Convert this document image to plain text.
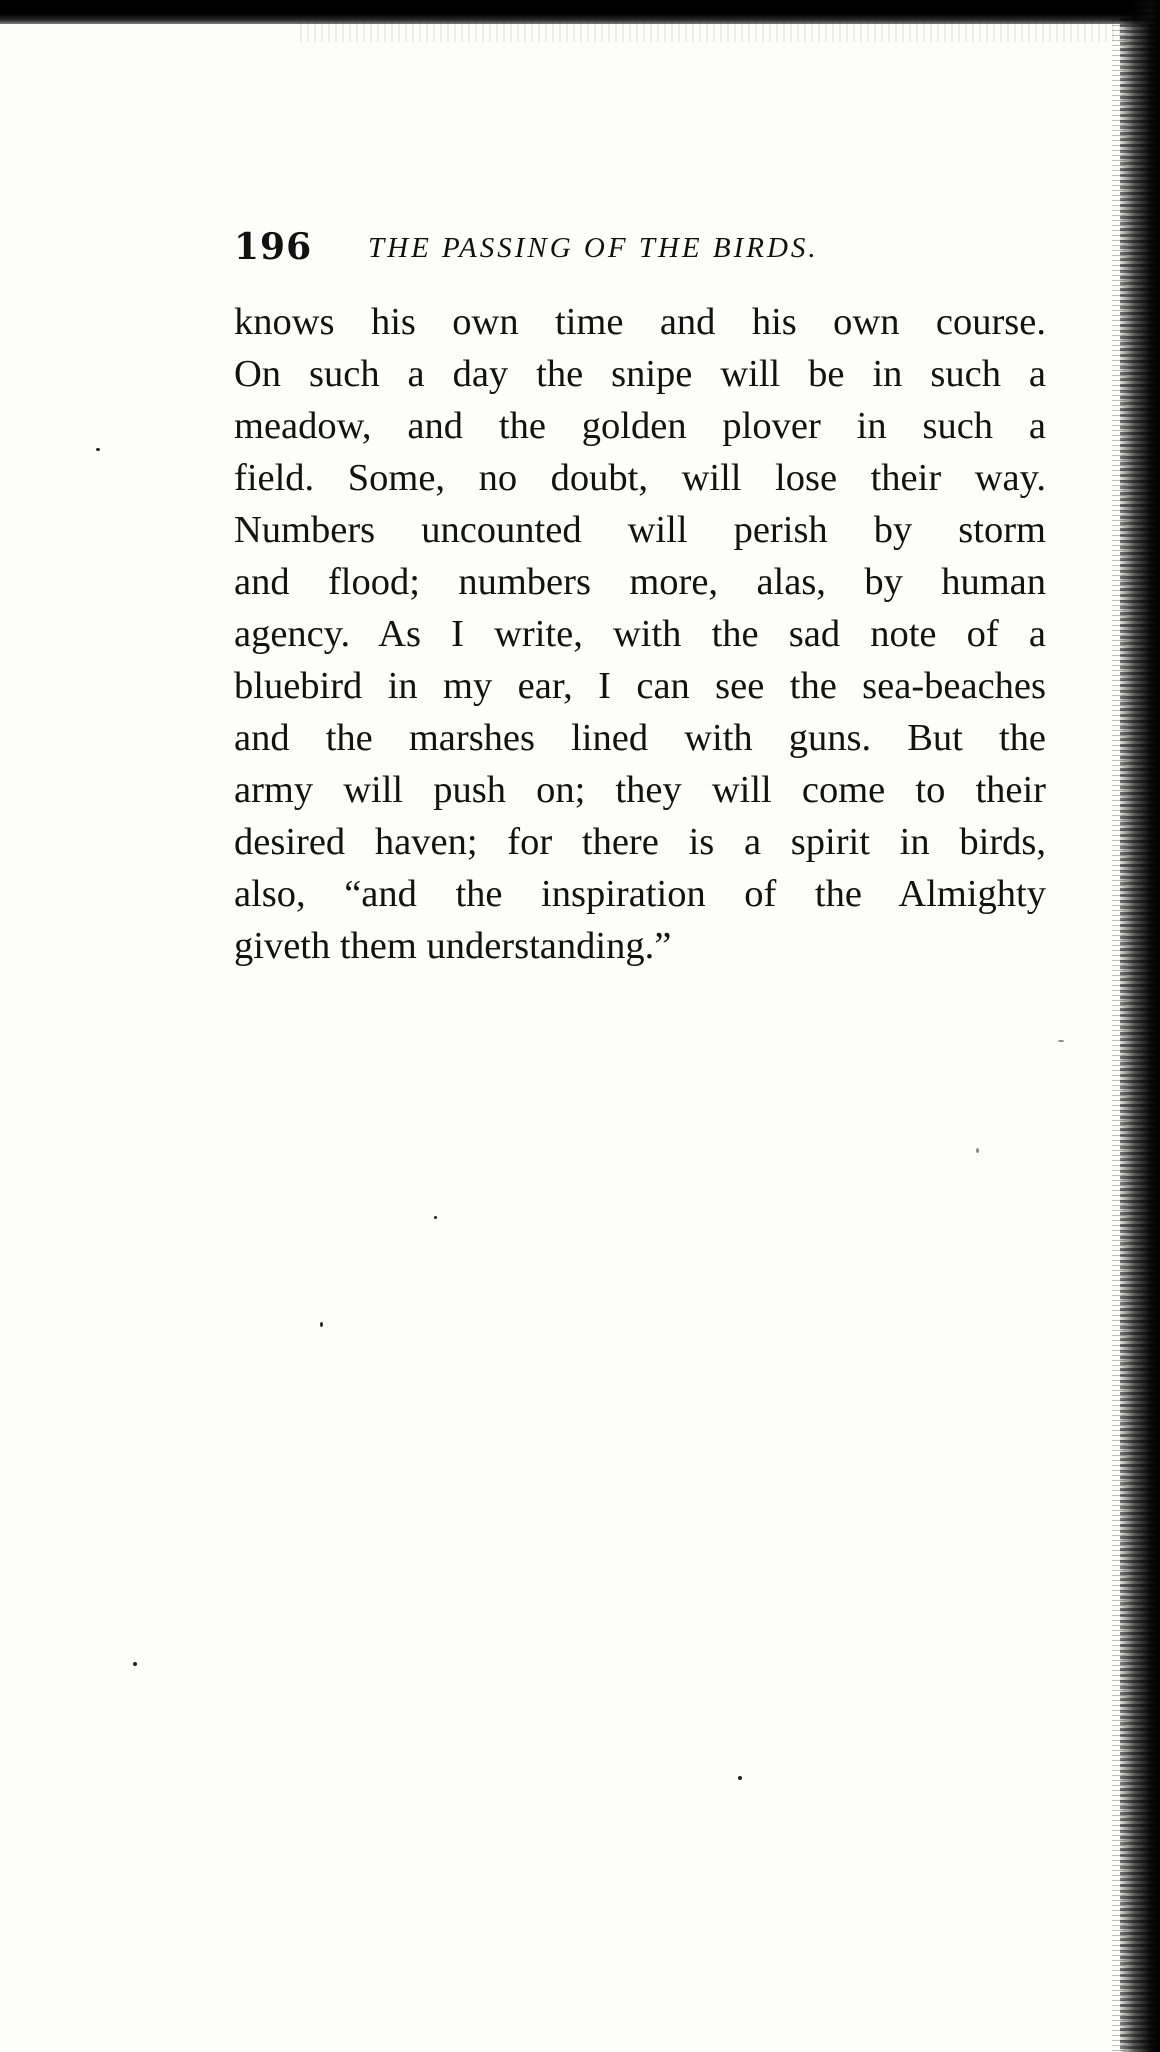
196 THE PASSING OF THE BIRDS.
knows his own time and his own course.
On such a day the snipe will be in such a
meadow, and the golden plover in such a
field. Some, no doubt, will lose their way.
Numbers uncounted will perish by storm
and flood; numbers more, alas, by human
agency. As I write, with the sad note of a
bluebird in my ear, I can see the sea-beaches
and the marshes lined with guns. But the
army will push on; they will come to their
desired haven; for there is a spirit in birds,
also, “and the inspiration of the Almighty
giveth them understanding.”
